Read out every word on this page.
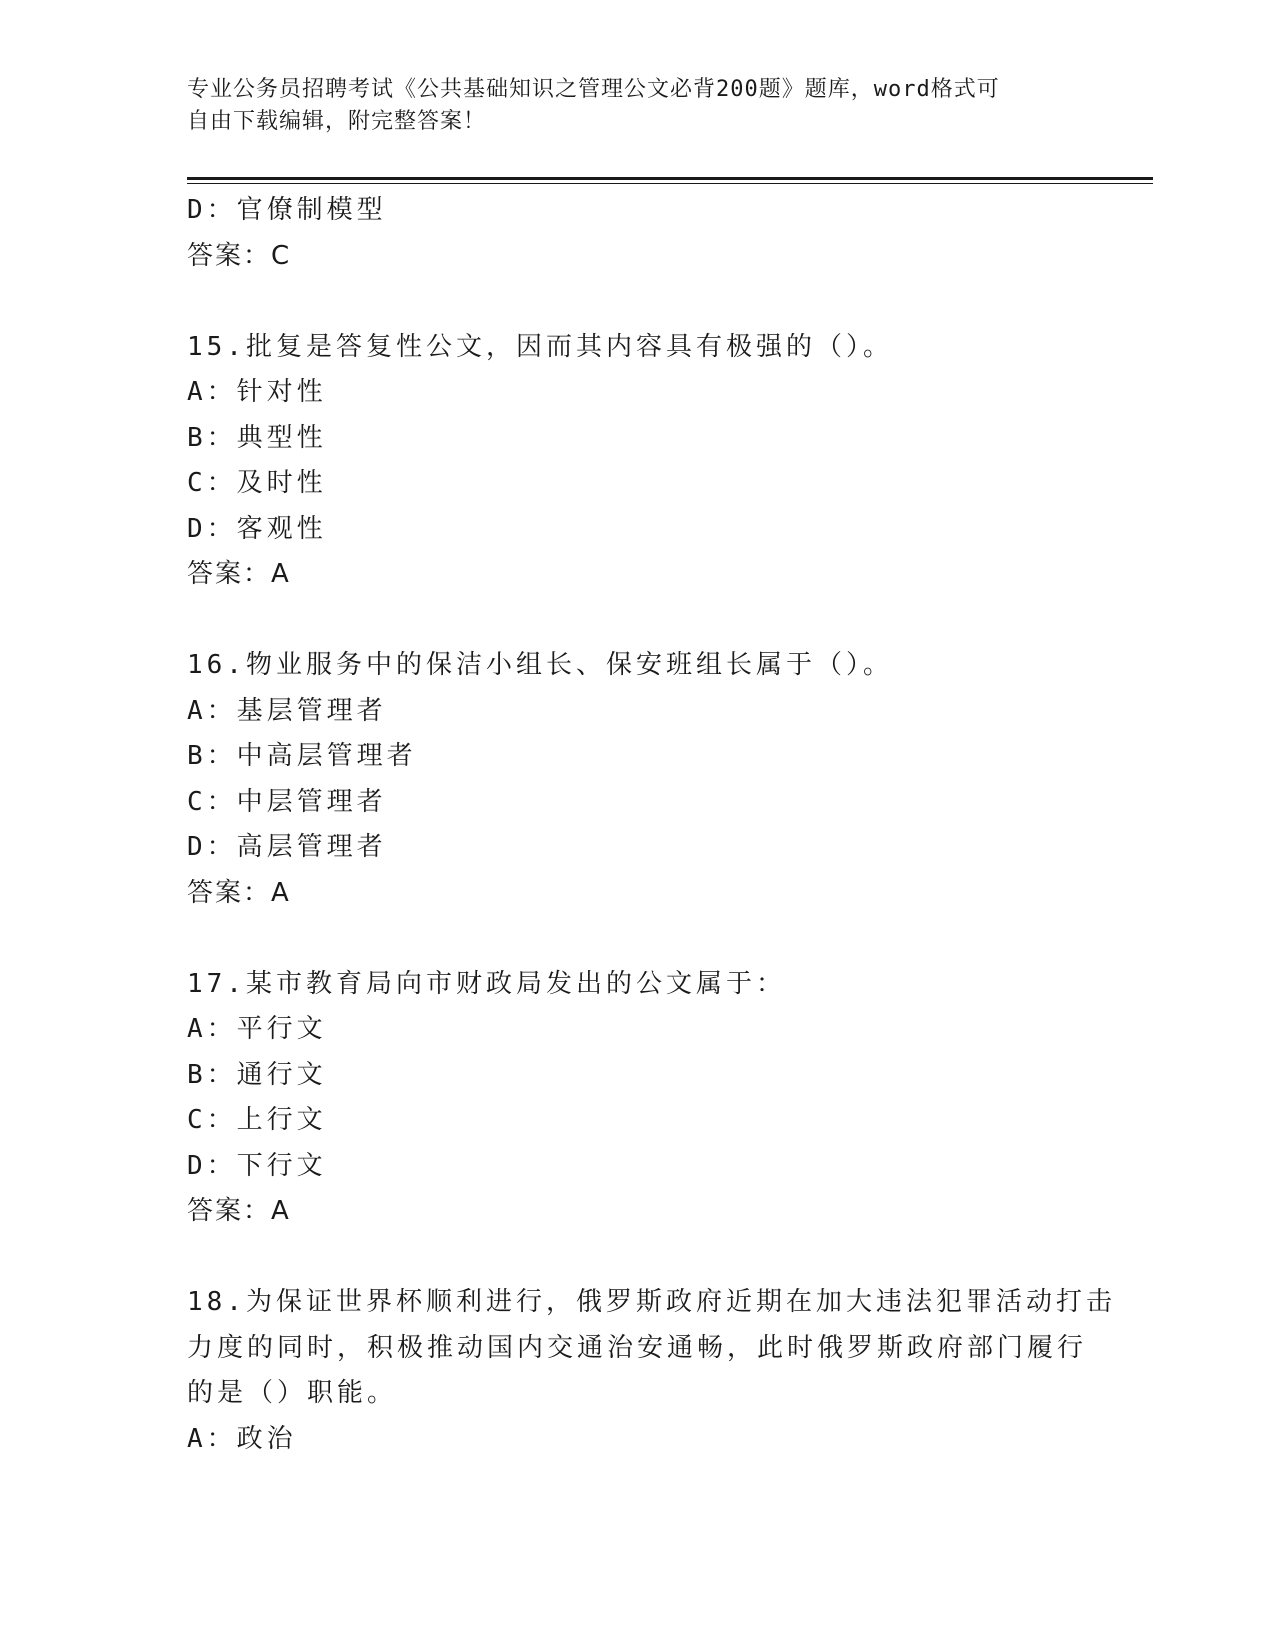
专业公务员招聘考试《公共基础知识之管理公文必背200题》题库，word格式可
自由下载编辑，附完整答案！
D：官僚制模型
答案：C
15.批复是答复性公文，因而其内容具有极强的（）。
A：针对性
B：典型性
C：及时性
D：客观性
答案：A
16.物业服务中的保洁小组长、保安班组长属于（）。
A：基层管理者
B：中高层管理者
C：中层管理者
D：高层管理者
答案：A
17.某市教育局向市财政局发出的公文属于：
A：平行文
B：通行文
C：上行文
D：下行文
答案：A
18.为保证世界杯顺利进行，俄罗斯政府近期在加大违法犯罪活动打击
力度的同时，积极推动国内交通治安通畅，此时俄罗斯政府部门履行
的是（）职能。
A：政治
